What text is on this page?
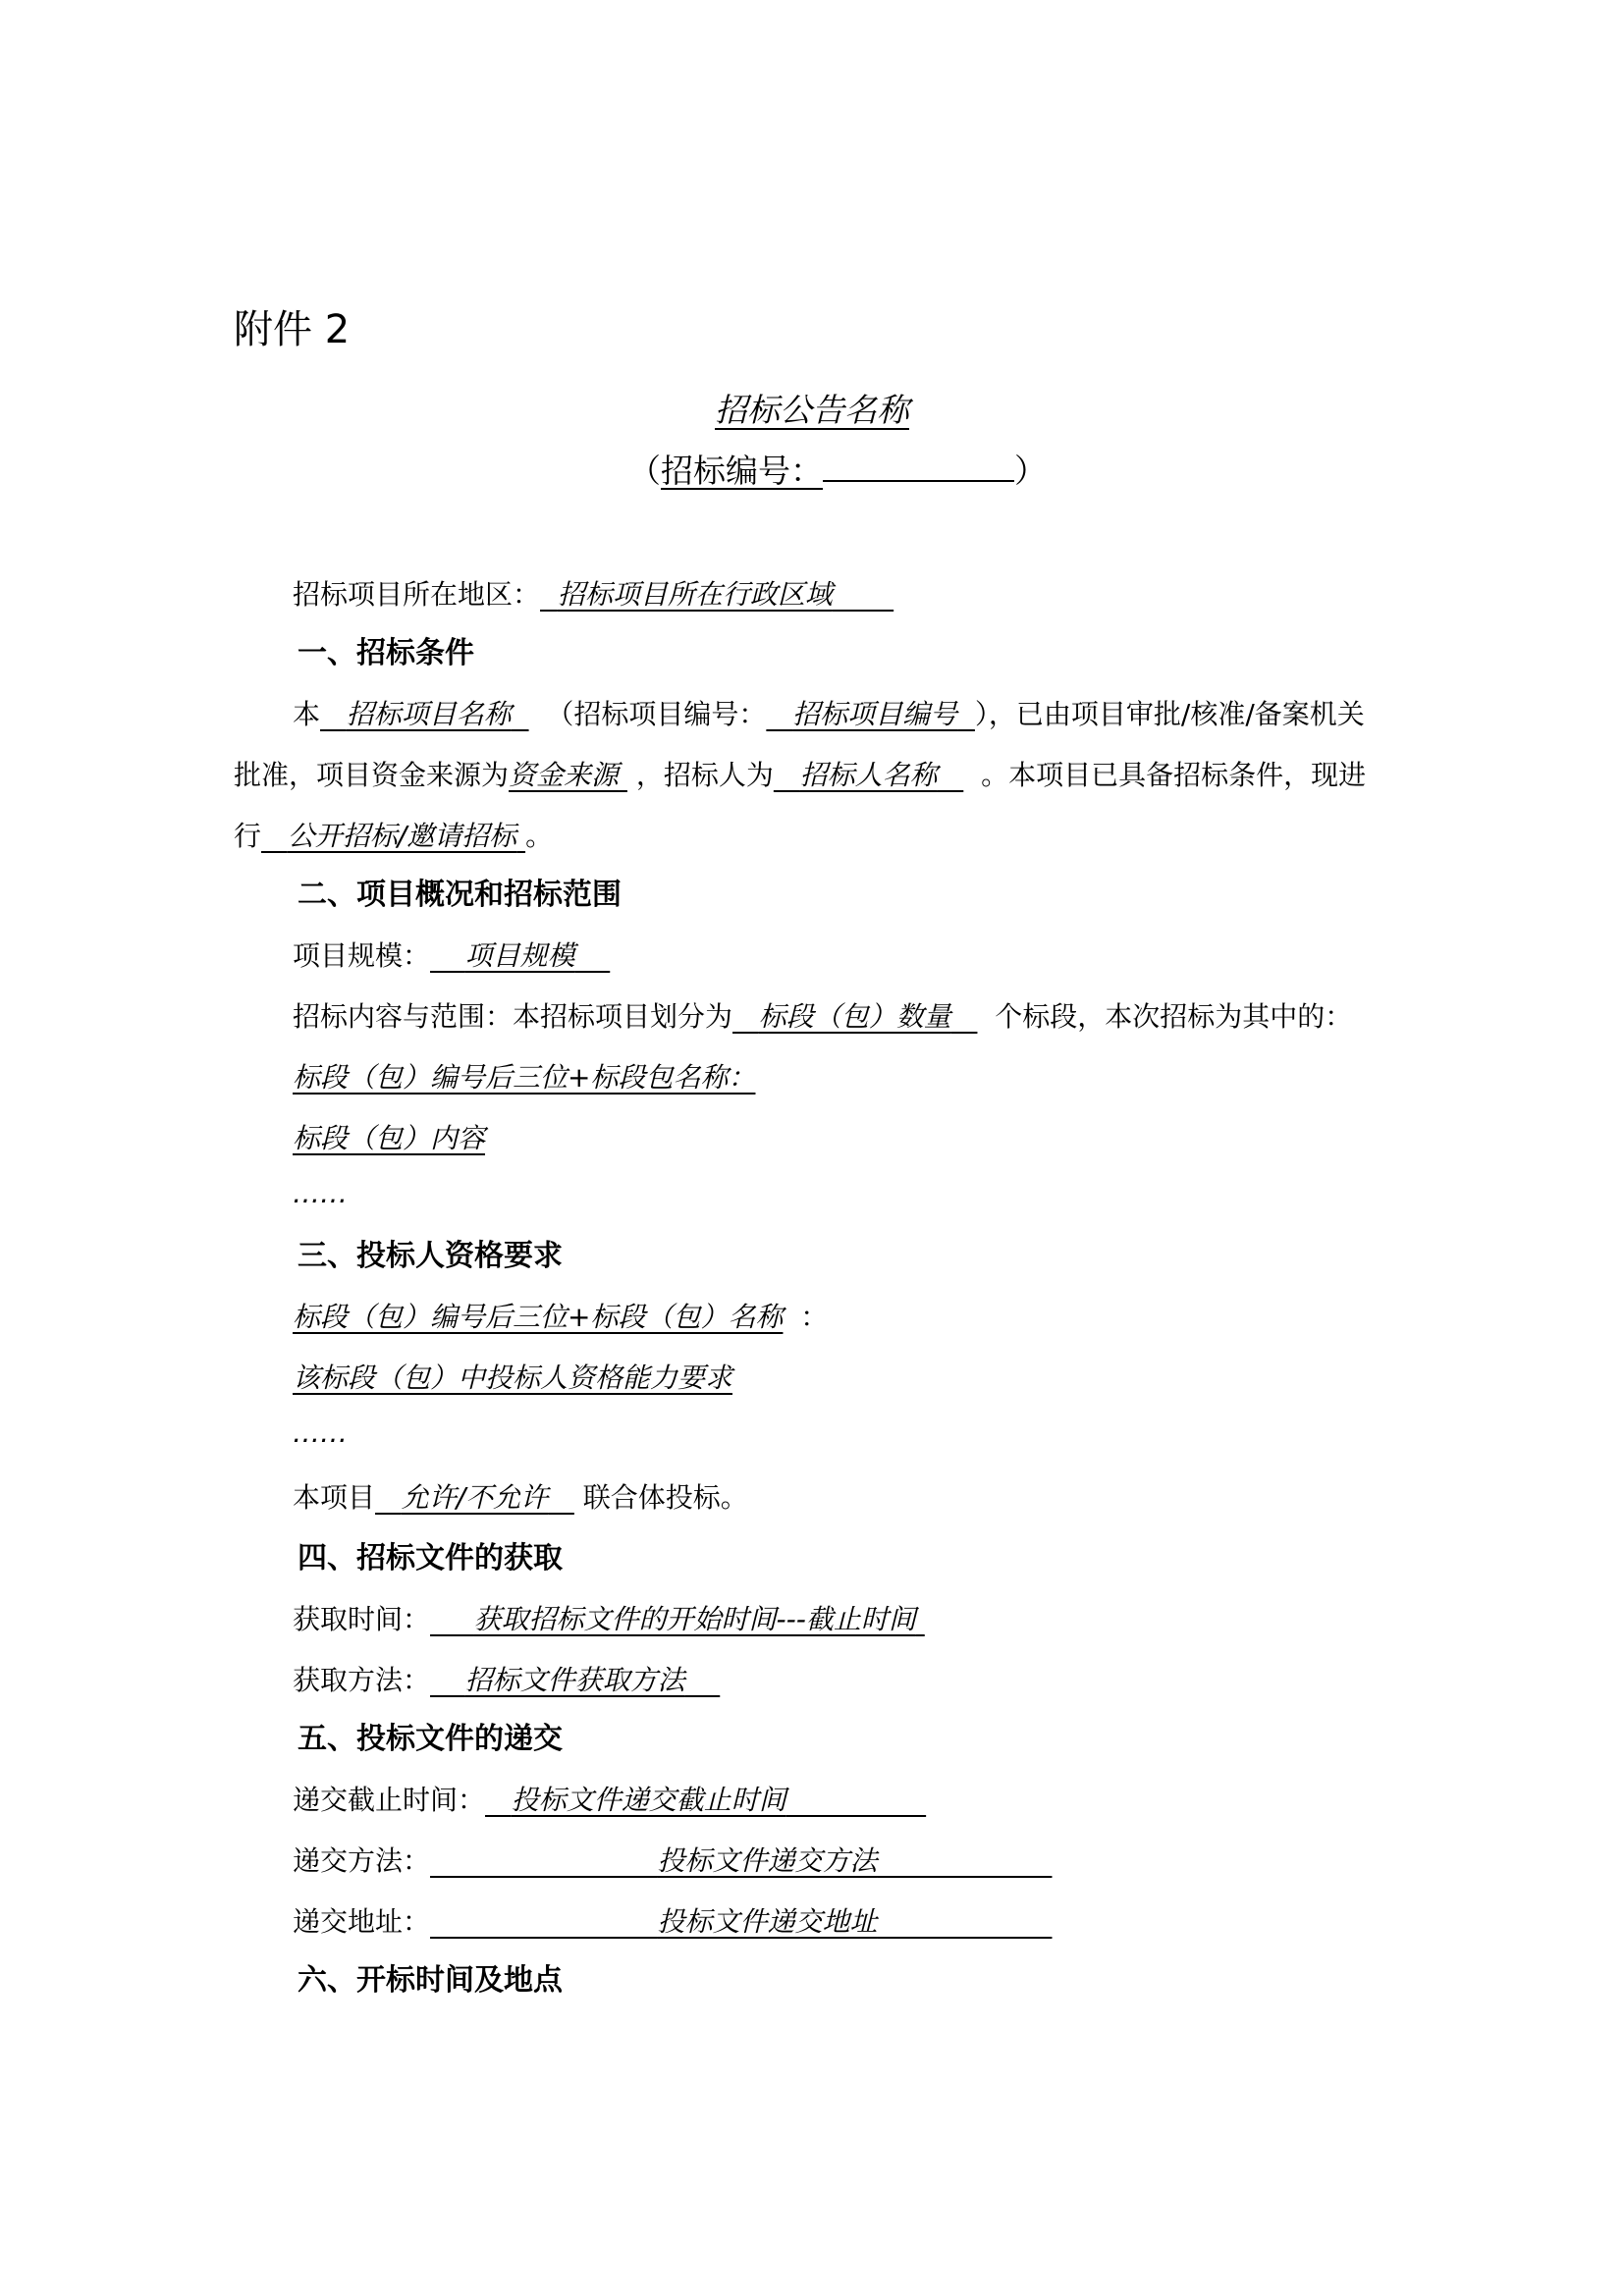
附件 2
招标公告名称
（招标编号：	）
招标项目所在地区： 招标项目所在行政区域
一、招标条件
本 招标项目名称 （招标项目编号： 招标项目编号 ），已由项目审批/核准/备案机关
批准，项目资金来源为资金来源 ，招标人为 招标人名称 。本项目已具备招标条件，现进
行 公开招标/邀请招标 。
二、项目概况和招标范围
项目规模： 项目规模
招标内容与范围：本招标项目划分为 标段（包）数量 个标段，本次招标为其中的：
标段（包）编号后三位+标段包名称：
标段（包）内容
……
三、投标人资格要求
标段（包）编号后三位+标段（包）名称 ：
该标段（包）中投标人资格能力要求
……
本项目 允许/不允许 联合体投标。
四、招标文件的获取
获取时间： 获取招标文件的开始时间---截止时间
获取方法： 招标文件获取方法
五、投标文件的递交
递交截止时间： 投标文件递交截止时间
递交方法：	投标文件递交方法
递交地址：	投标文件递交地址
六、开标时间及地点
